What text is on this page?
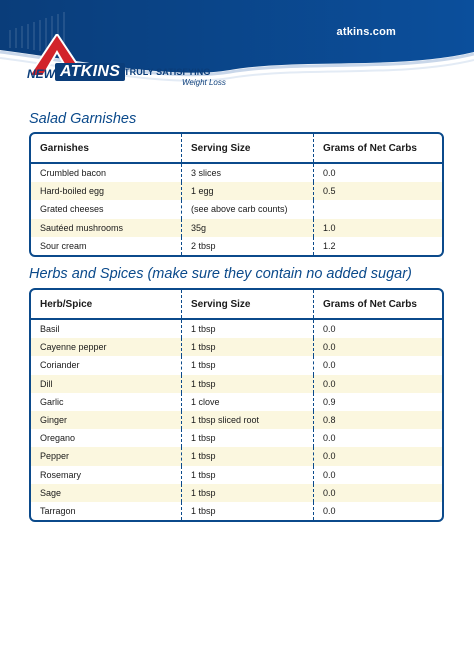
atkins.com
NEW ATKINS TRULY SATISFYING
Weight Loss
Salad Garnishes
Garnishes	Serving Size	Grams of Net Carbs
Crumbled bacon	3 slices	0.0
Hard-boiled egg	1 egg	0.5
Grated cheeses	(see above carb counts)
Sautéed mushrooms	35g	1.0
Sour cream	2 tbsp	1.2
Herbs and Spices (make sure they contain no added sugar)
Herb/Spice	Serving Size	Grams of Net Carbs
Basil	1 tbsp	0.0
Cayenne pepper	1 tbsp	0.0
Coriander	1 tbsp	0.0
Dill	1 tbsp	0.0
Garlic	1 clove	0.9
Ginger	1 tbsp sliced root	0.8
Oregano	1 tbsp	0.0
Pepper	1 tbsp	0.0
Rosemary	1 tbsp	0.0
Sage	1 tbsp	0.0
Tarragon	1 tbsp	0.0
